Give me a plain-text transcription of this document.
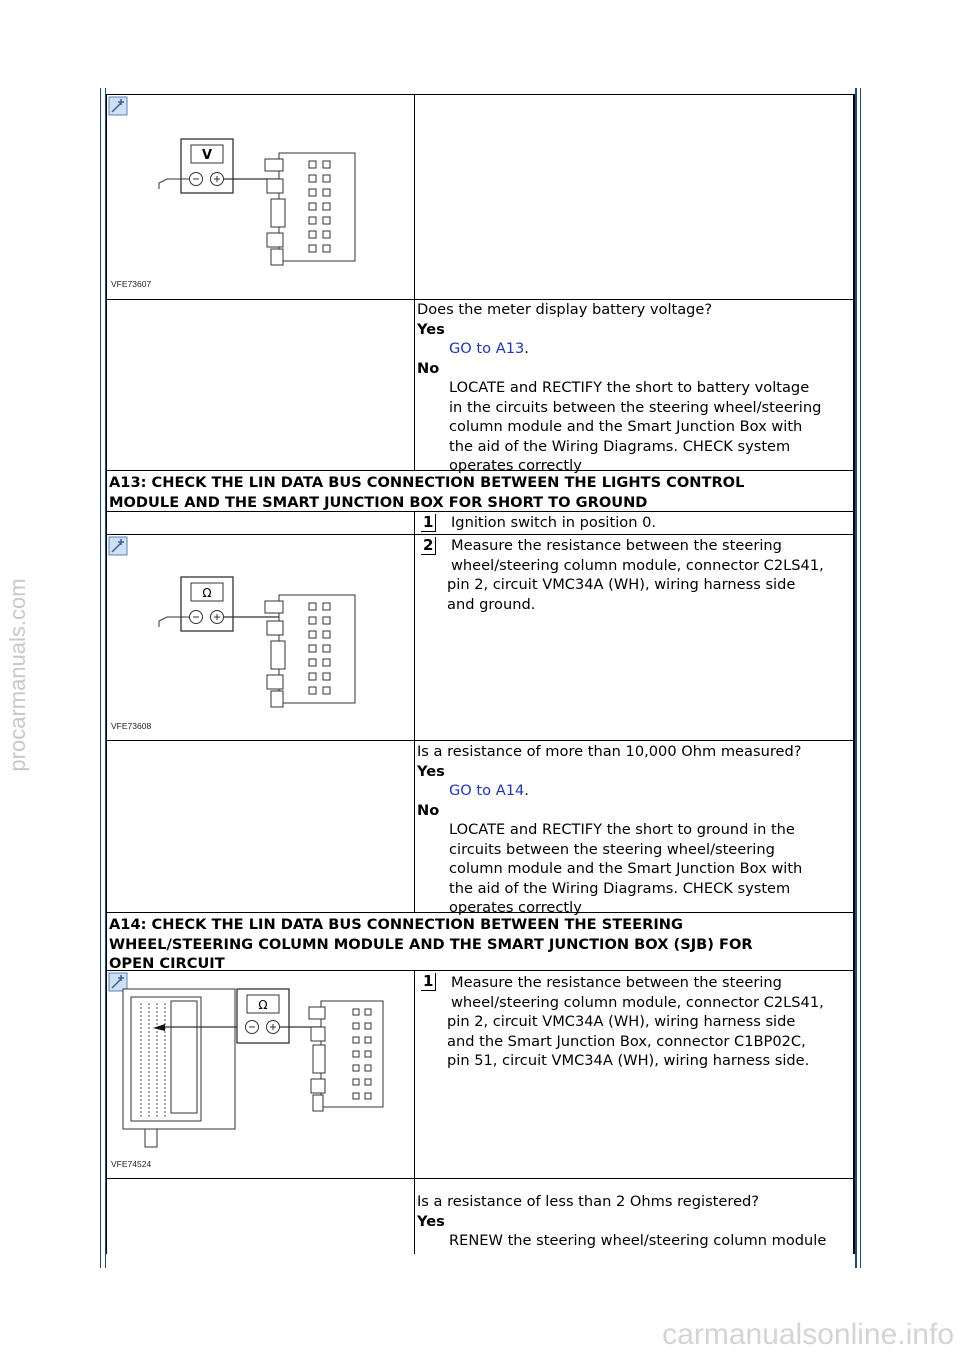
procarmanuals.com
carmanualsonline.info
V
VFE73607
Does the meter display battery voltage?
Yes
GO to A13.
No
LOCATE and RECTIFY the short to battery voltage
in the circuits between the steering wheel/steering
column module and the Smart Junction Box with
the aid of the Wiring Diagrams. CHECK system
operates correctly
A13: CHECK THE LIN DATA BUS CONNECTION BETWEEN THE LIGHTS CONTROL
MODULE AND THE SMART JUNCTION BOX FOR SHORT TO GROUND
1 Ignition switch in position 0.
Ω
VFE73608
2 Measure the resistance between the steering
wheel/steering column module, connector C2LS41,
pin 2, circuit VMC34A (WH), wiring harness side
and ground.
Is a resistance of more than 10,000 Ohm measured?
Yes
GO to A14.
No
LOCATE and RECTIFY the short to ground in the
circuits between the steering wheel/steering
column module and the Smart Junction Box with
the aid of the Wiring Diagrams. CHECK system
operates correctly
A14: CHECK THE LIN DATA BUS CONNECTION BETWEEN THE STEERING
WHEEL/STEERING COLUMN MODULE AND THE SMART JUNCTION BOX (SJB) FOR
OPEN CIRCUIT
Ω
VFE74524
1 Measure the resistance between the steering
wheel/steering column module, connector C2LS41,
pin 2, circuit VMC34A (WH), wiring harness side
and the Smart Junction Box, connector C1BP02C,
pin 51, circuit VMC34A (WH), wiring harness side.
Is a resistance of less than 2 Ohms registered?
Yes
RENEW the steering wheel/steering column module
